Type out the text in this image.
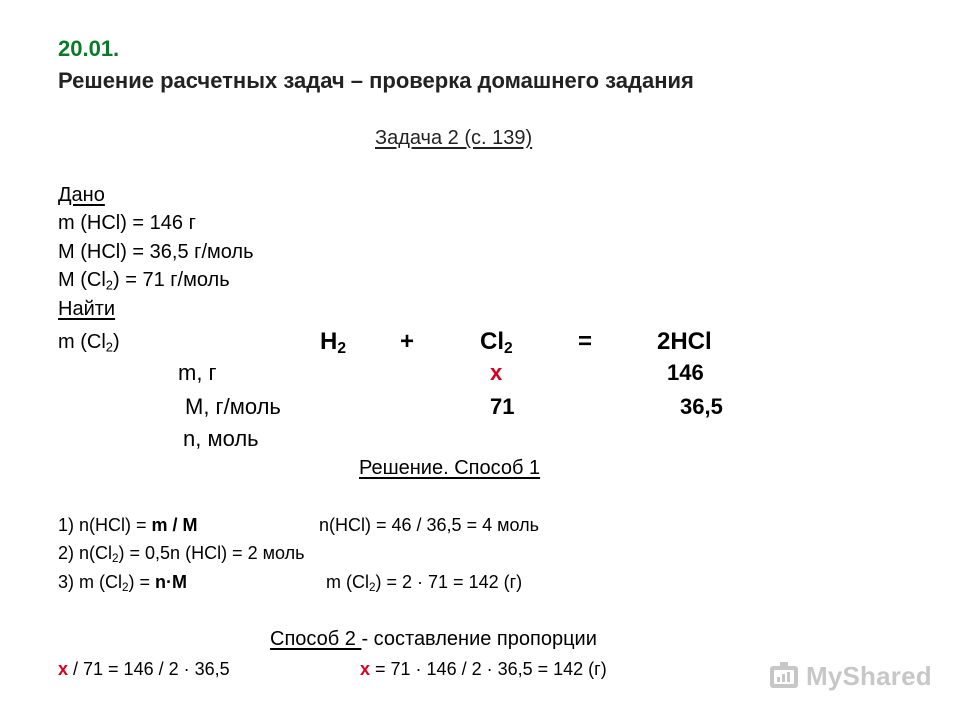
20.01.
Решение расчетных задач – проверка домашнего задания
Задача 2 (с. 139)
Дано
m (HCl) = 146 г
M (HCl) = 36,5 г/моль
M $(Cl_2) = 71$ г/моль
Найти
m $(Cl_2)$	$H_2$ +	$Cl_2$	=	2HCl
m, г	x	146
M, г/моль	71	36,5
n, моль
Решение. Способ 1
1) n(HCl) = m / M	n(HCl) = 46 / 36,5 = 4 моль
2) $n(Cl_2) = 0,5n$ (HCl) = 2 моль
3) m $(Cl_2) = n\cdot M$	m $(Cl_2) = 2 \cdot 71 = 142$ (г)
Способ 2 - составление пропорции
x / 71 = 146 / 2 · 36,5	x = 71 · 146 / 2 · 36,5 = 142 (г)	MyShared
